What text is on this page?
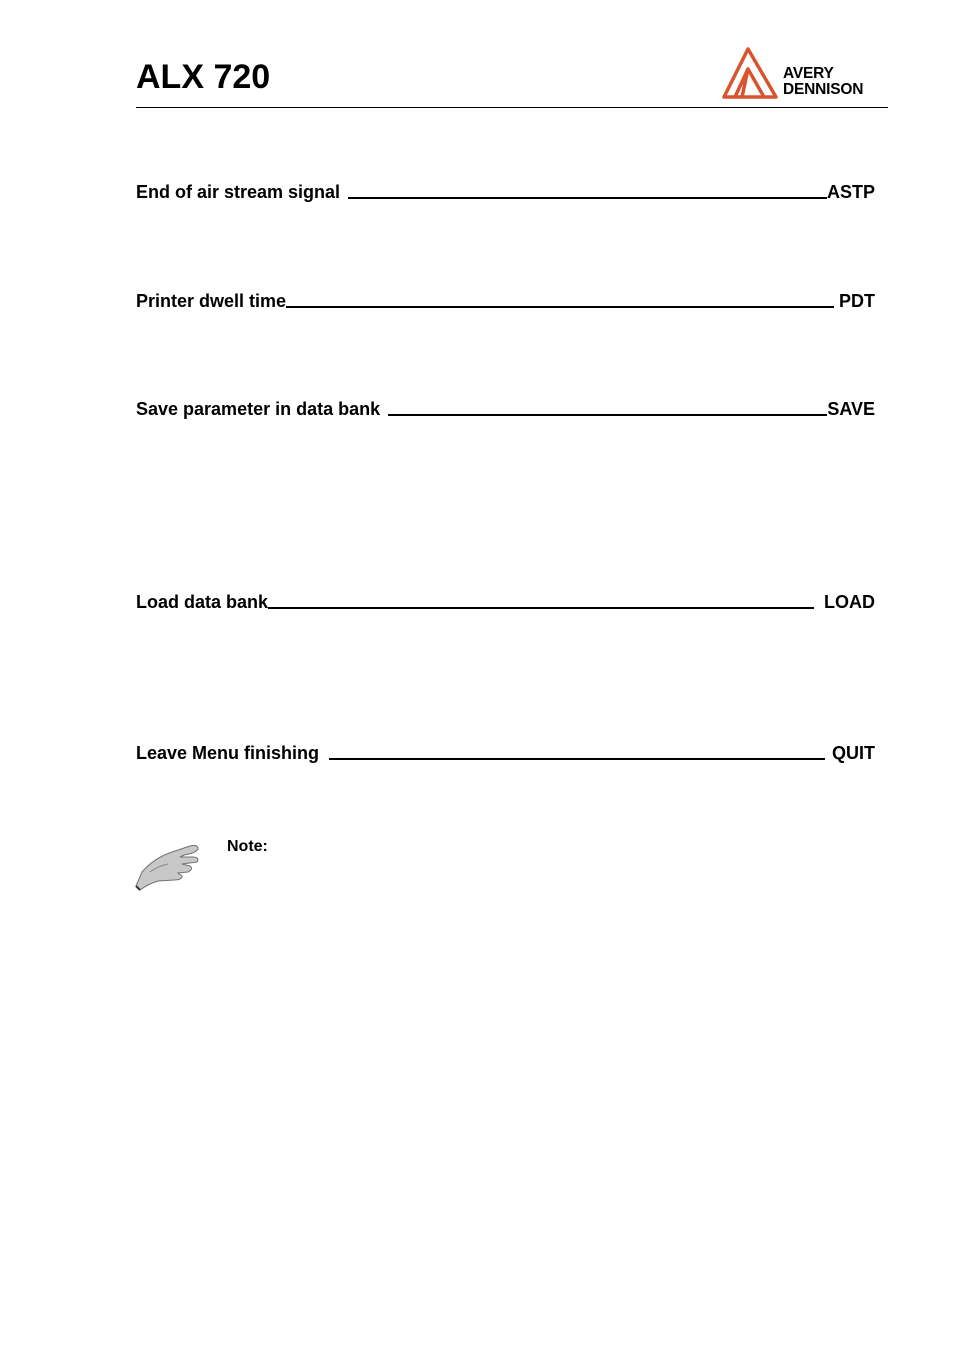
ALX 720	AVERY
DENNISON
End of air stream signal	ASTP
Printer dwell time	PDT
Save parameter in data bank	SAVE
Load data bank	LOAD
Leave Menu finishing	QUIT
Note:
